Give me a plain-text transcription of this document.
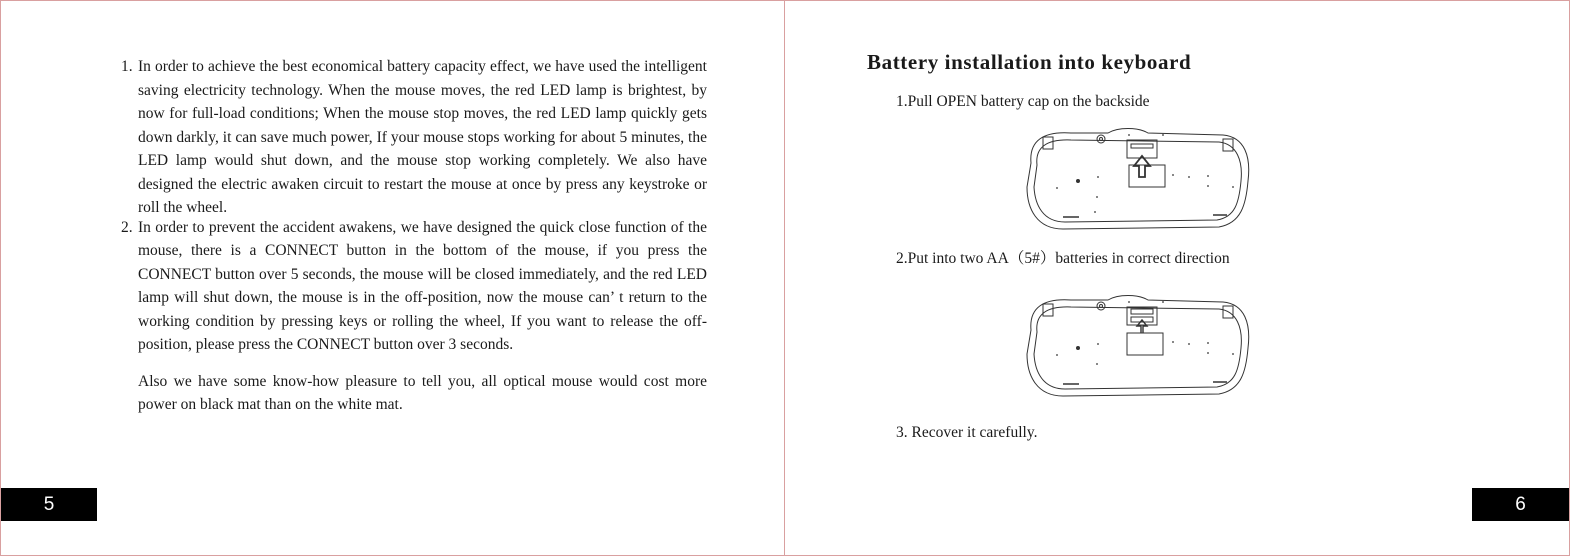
1. In order to achieve the best economical battery capacity effect, we have used the intelligent saving electricity technology. When the mouse moves, the red LED lamp is brightest, by now for full-load conditions; When the mouse stop moves, the red LED lamp quickly gets down darkly, it can save much power, If your mouse stops working for about 5 minutes, the LED lamp would shut down, and the mouse stop working completely. We also have designed the electric awaken circuit to restart the mouse at once by press any keystroke or roll the wheel.

2. In order to prevent the accident awakens, we have designed the quick close function of the mouse, there is a CONNECT button in the bottom of the mouse, if you press the CONNECT button over 5 seconds, the mouse will be closed immediately, and the red LED lamp will shut down, the mouse is in the off-position, now the mouse can’ t return to the working condition by pressing keys or rolling the wheel, If you want to release the off-position, please press the CONNECT button over 3 seconds.

Also we have some know-how pleasure to tell you, all optical mouse would cost more power on black mat than on the white mat.

5
Battery installation into keyboard
1.Pull OPEN battery cap on the backside
2.Put into two AA（5#）batteries in correct direction
3. Recover it carefully.
6
